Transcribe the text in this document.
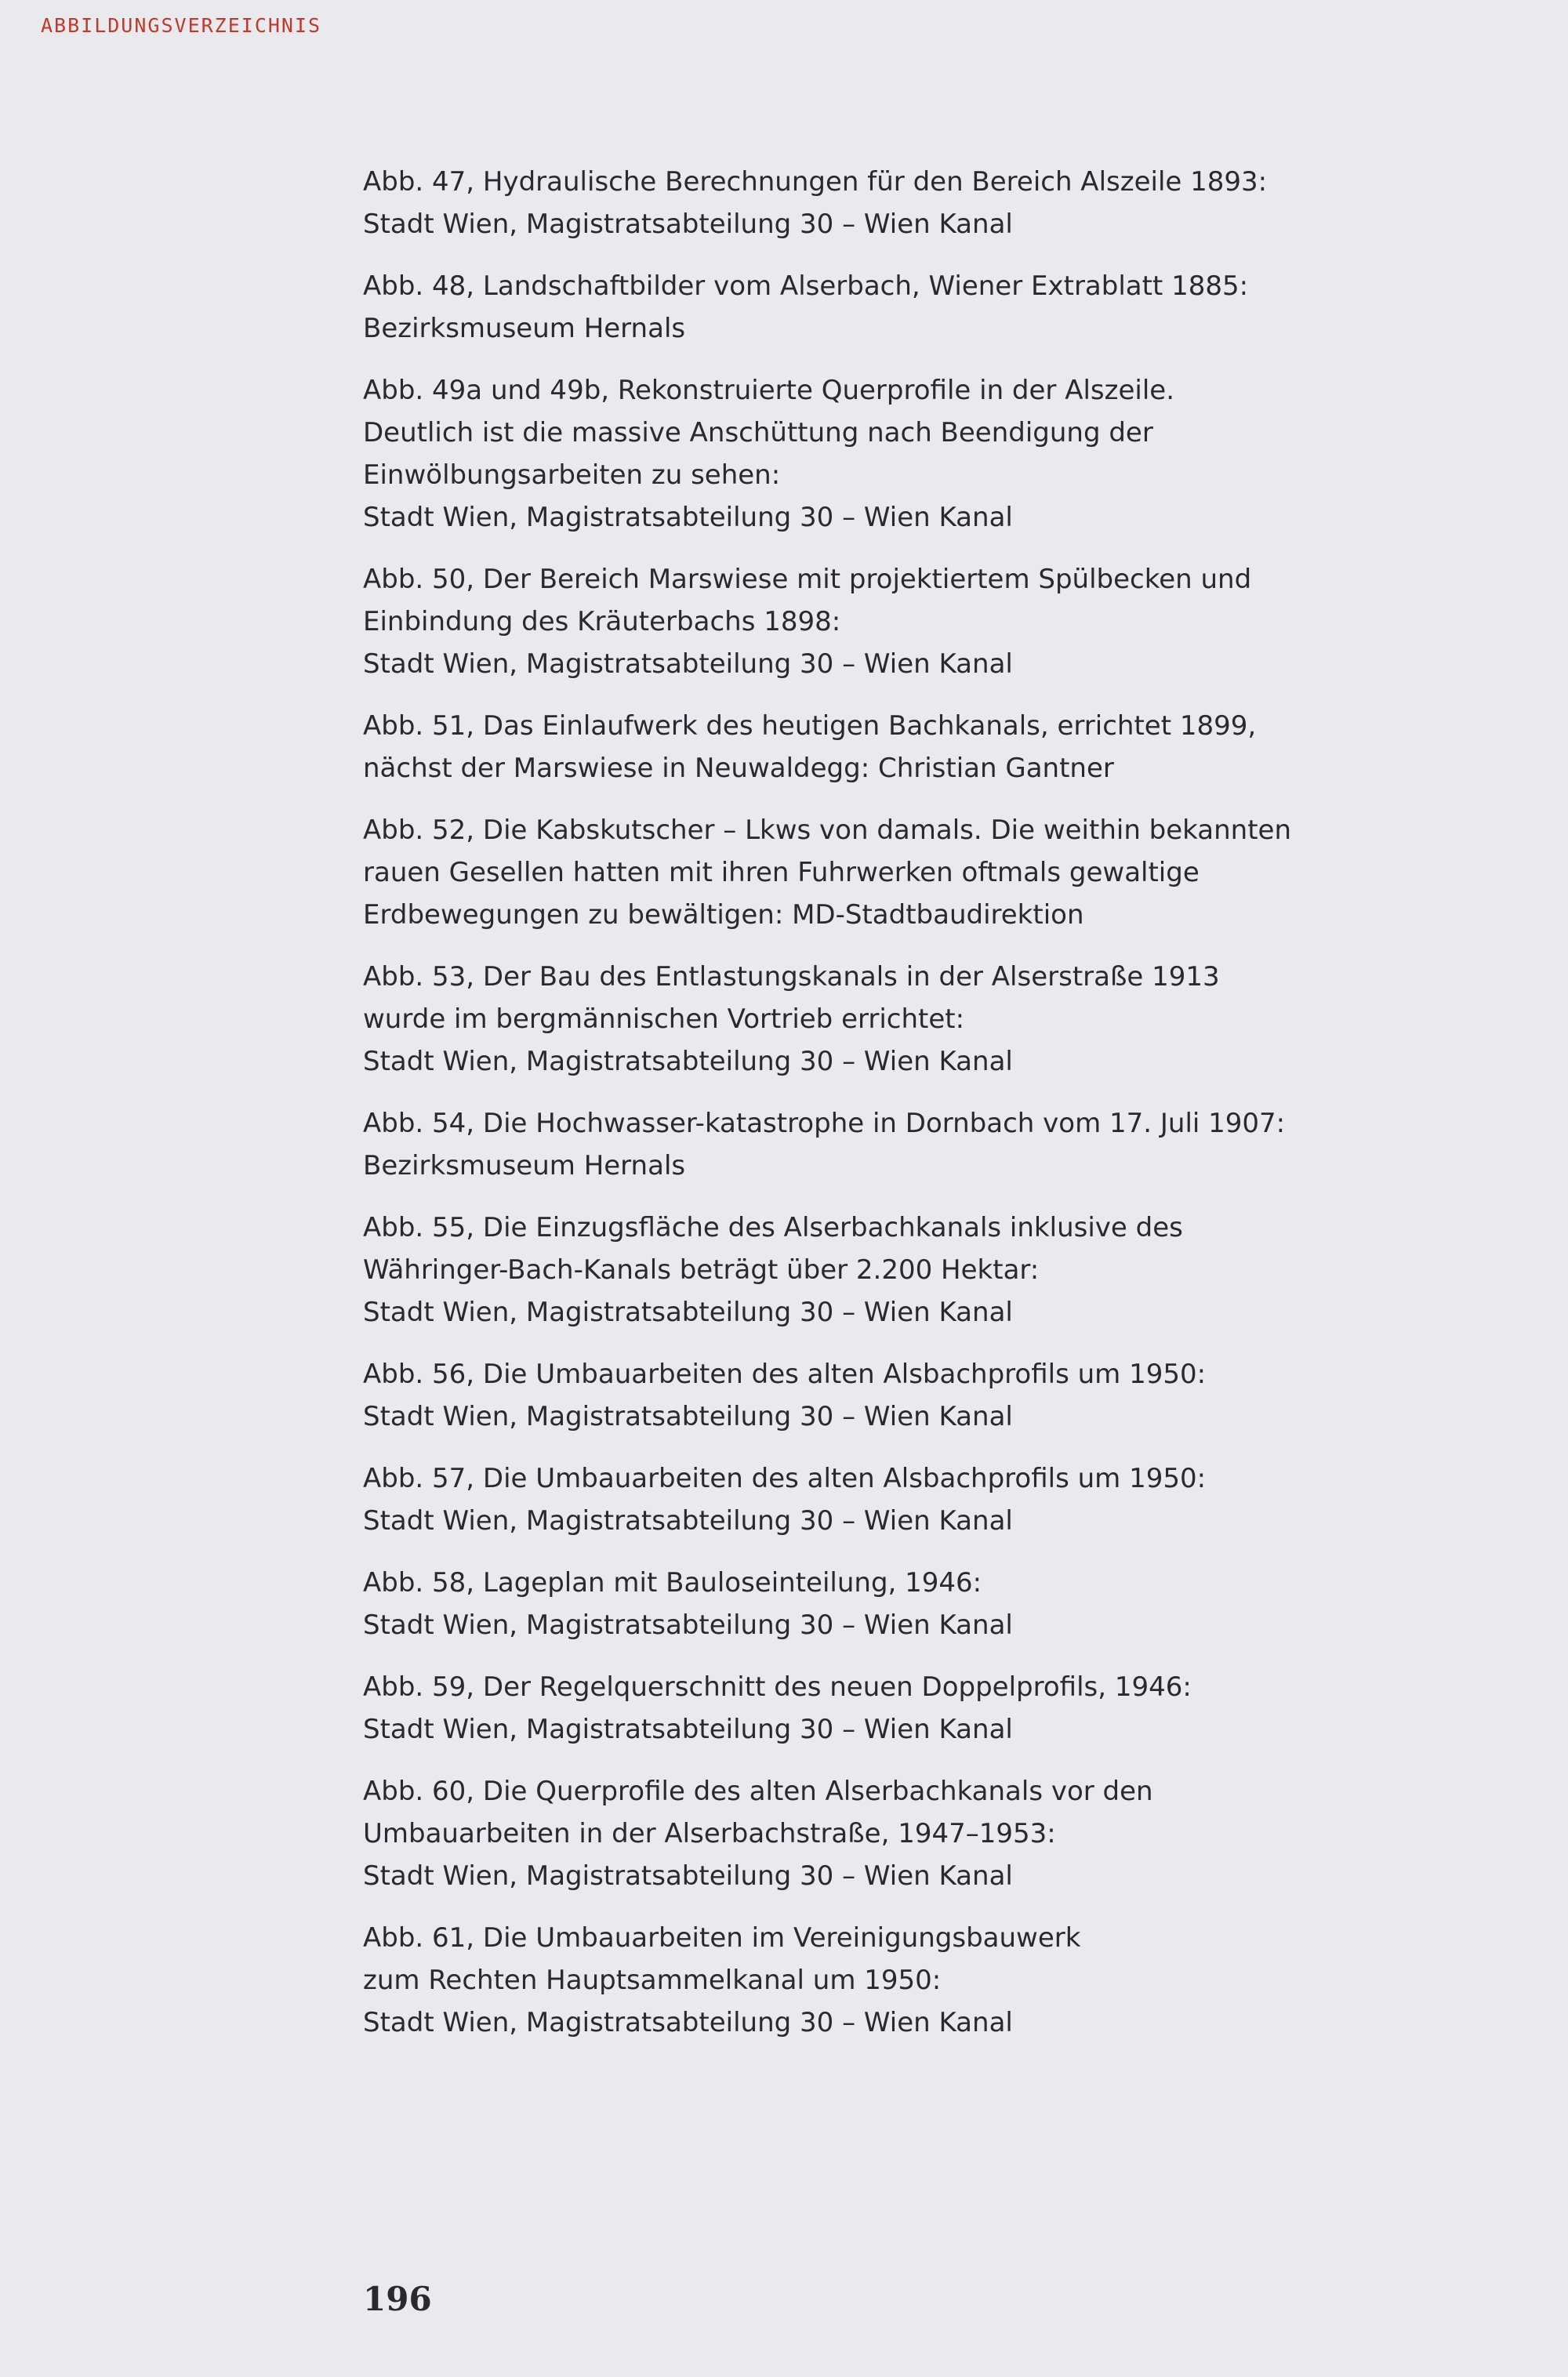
ABBILDUNGSVERZEICHNIS
Abb. 47, Hydraulische Berechnungen für den Bereich Alszeile 1893:
Stadt Wien, Magistratsabteilung 30 – Wien Kanal
Abb. 48, Landschaftbilder vom Alserbach, Wiener Extrablatt 1885:
Bezirksmuseum Hernals
Abb. 49a und 49b, Rekonstruierte Querprofile in der Alszeile.
Deutlich ist die massive Anschüttung nach Beendigung der
Einwölbungsarbeiten zu sehen:
Stadt Wien, Magistratsabteilung 30 – Wien Kanal
Abb. 50, Der Bereich Marswiese mit projektiertem Spülbecken und
Einbindung des Kräuterbachs 1898:
Stadt Wien, Magistratsabteilung 30 – Wien Kanal
Abb. 51, Das Einlaufwerk des heutigen Bachkanals, errichtet 1899,
nächst der Marswiese in Neuwaldegg: Christian Gantner
Abb. 52, Die Kabskutscher – Lkws von damals. Die weithin bekannten
rauen Gesellen hatten mit ihren Fuhrwerken oftmals gewaltige
Erdbewegungen zu bewältigen: MD-Stadtbaudirektion
Abb. 53, Der Bau des Entlastungskanals in der Alserstraße 1913
wurde im bergmännischen Vortrieb errichtet:
Stadt Wien, Magistratsabteilung 30 – Wien Kanal
Abb. 54, Die Hochwasser-katastrophe in Dornbach vom 17. Juli 1907:
Bezirksmuseum Hernals
Abb. 55, Die Einzugsfläche des Alserbachkanals inklusive des
Währinger-Bach-Kanals beträgt über 2.200 Hektar:
Stadt Wien, Magistratsabteilung 30 – Wien Kanal
Abb. 56, Die Umbauarbeiten des alten Alsbachprofils um 1950:
Stadt Wien, Magistratsabteilung 30 – Wien Kanal
Abb. 57, Die Umbauarbeiten des alten Alsbachprofils um 1950:
Stadt Wien, Magistratsabteilung 30 – Wien Kanal
Abb. 58, Lageplan mit Bauloseinteilung, 1946:
Stadt Wien, Magistratsabteilung 30 – Wien Kanal
Abb. 59, Der Regelquerschnitt des neuen Doppelprofils, 1946:
Stadt Wien, Magistratsabteilung 30 – Wien Kanal
Abb. 60, Die Querprofile des alten Alserbachkanals vor den
Umbauarbeiten in der Alserbachstraße, 1947–1953:
Stadt Wien, Magistratsabteilung 30 – Wien Kanal
Abb. 61, Die Umbauarbeiten im Vereinigungsbauwerk
zum Rechten Hauptsammelkanal um 1950:
Stadt Wien, Magistratsabteilung 30 – Wien Kanal
196
